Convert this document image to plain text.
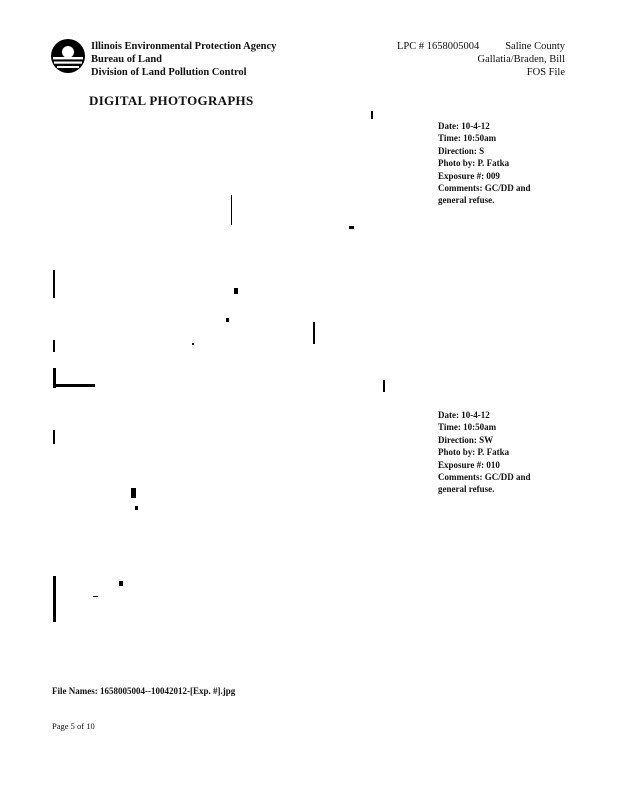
Illinois Environmental Protection Agency
Bureau of Land
Division of Land Pollution Control
LPC # 1658005004 Saline County
Gallatia/Braden, Bill
FOS File
DIGITAL PHOTOGRAPHS
Date: 10-4-12
Time: 10:50am
Direction: S
Photo by: P. Fatka
Exposure #: 009
Comments: GC/DD and general refuse.
Date: 10-4-12
Time: 10:50am
Direction: SW
Photo by: P. Fatka
Exposure #: 010
Comments: GC/DD and general refuse.
File Names: 1658005004--10042012-[Exp. #].jpg
Page 5 of 10
